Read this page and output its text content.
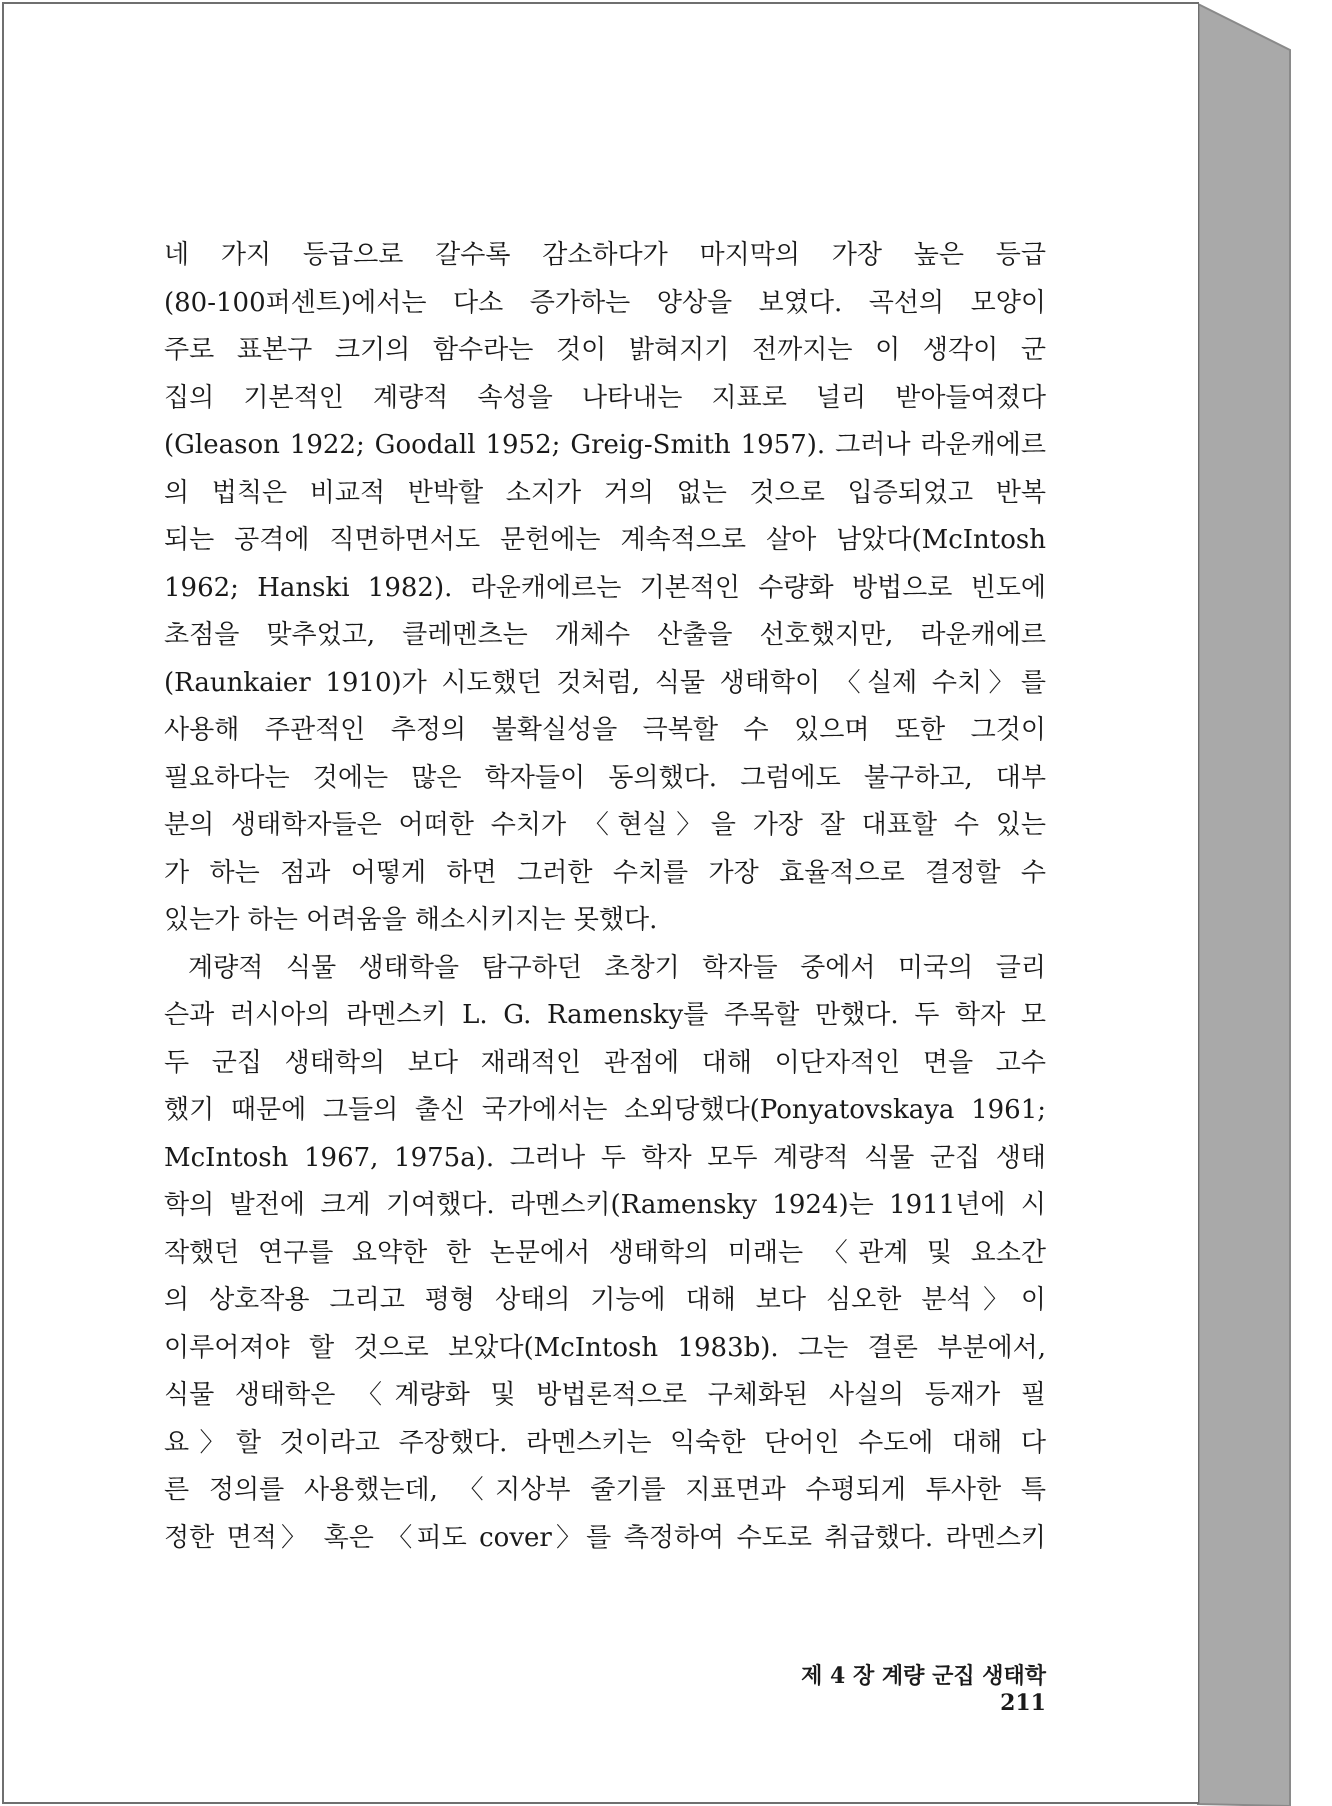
네 가지 등급으로 갈수록 감소하다가 마지막의 가장 높은 등급
(80-100퍼센트)에서는 다소 증가하는 양상을 보였다. 곡선의 모양이
주로 표본구 크기의 함수라는 것이 밝혀지기 전까지는 이 생각이 군
집의 기본적인 계량적 속성을 나타내는 지표로 널리 받아들여졌다
(Gleason 1922; Goodall 1952; Greig-Smith 1957). 그러나 라운캐에르
의 법칙은 비교적 반박할 소지가 거의 없는 것으로 입증되었고 반복
되는 공격에 직면하면서도 문헌에는 계속적으로 살아 남았다(McIntosh
1962; Hanski 1982). 라운캐에르는 기본적인 수량화 방법으로 빈도에
초점을 맞추었고, 클레멘츠는 개체수 산출을 선호했지만, 라운캐에르
(Raunkaier 1910)가 시도했던 것처럼, 식물 생태학이 〈실제 수치〉를
사용해 주관적인 추정의 불확실성을 극복할 수 있으며 또한 그것이
필요하다는 것에는 많은 학자들이 동의했다. 그럼에도 불구하고, 대부
분의 생태학자들은 어떠한 수치가 〈현실〉을 가장 잘 대표할 수 있는
가 하는 점과 어떻게 하면 그러한 수치를 가장 효율적으로 결정할 수
있는가 하는 어려움을 해소시키지는 못했다.
계량적 식물 생태학을 탐구하던 초창기 학자들 중에서 미국의 글리
슨과 러시아의 라멘스키 L. G. Ramensky를 주목할 만했다. 두 학자 모
두 군집 생태학의 보다 재래적인 관점에 대해 이단자적인 면을 고수
했기 때문에 그들의 출신 국가에서는 소외당했다(Ponyatovskaya 1961;
McIntosh 1967, 1975a). 그러나 두 학자 모두 계량적 식물 군집 생태
학의 발전에 크게 기여했다. 라멘스키(Ramensky 1924)는 1911년에 시
작했던 연구를 요약한 한 논문에서 생태학의 미래는 〈관계 및 요소간
의 상호작용 그리고 평형 상태의 기능에 대해 보다 심오한 분석〉이
이루어져야 할 것으로 보았다(McIntosh 1983b). 그는 결론 부분에서,
식물 생태학은 〈계량화 및 방법론적으로 구체화된 사실의 등재가 필
요〉할 것이라고 주장했다. 라멘스키는 익숙한 단어인 수도에 대해 다
른 정의를 사용했는데, 〈지상부 줄기를 지표면과 수평되게 투사한 특
정한 면적〉 혹은 〈피도 cover〉를 측정하여 수도로 취급했다. 라멘스키
제 4 장 계량 군집 생태학 211
